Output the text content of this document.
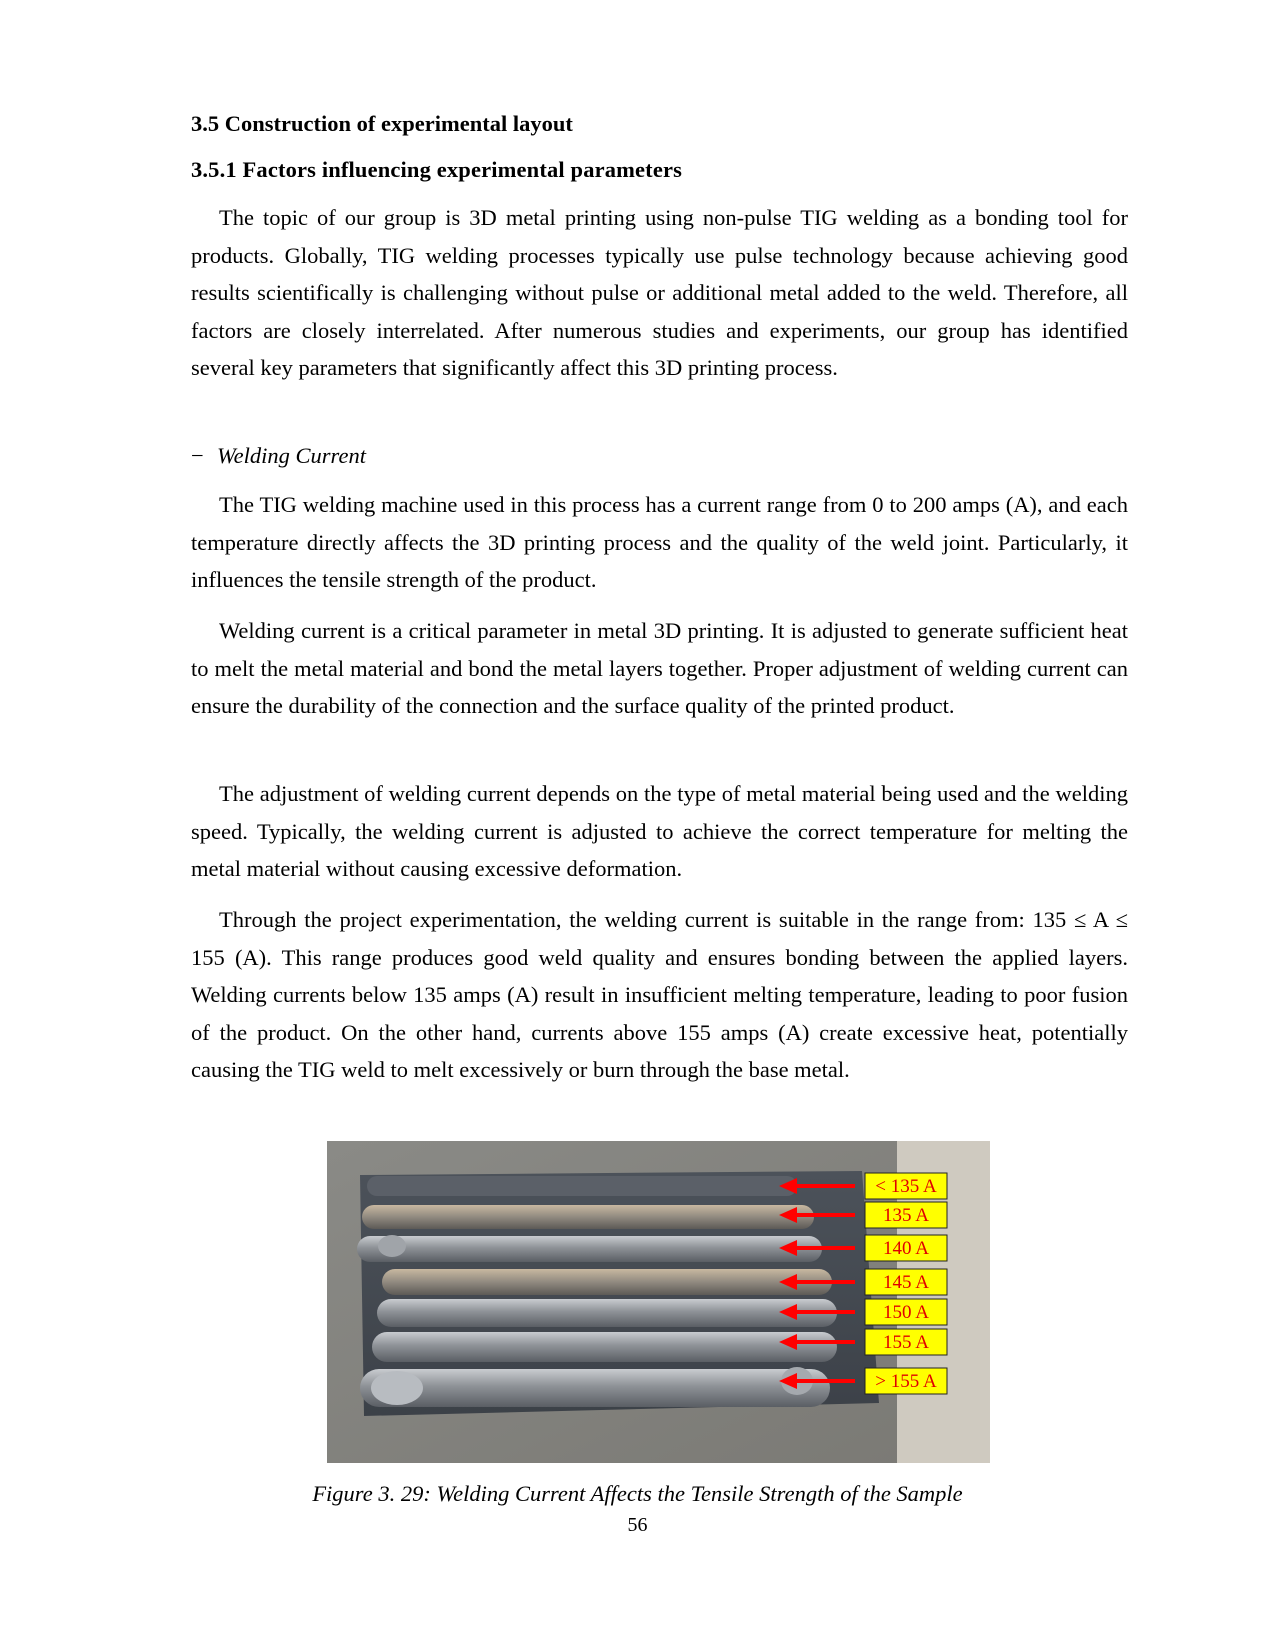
3.5 Construction of experimental layout
3.5.1 Factors influencing experimental parameters

The topic of our group is 3D metal printing using non-pulse TIG welding as a bonding tool for products. Globally, TIG welding processes typically use pulse technology because achieving good results scientifically is challenging without pulse or additional metal added to the weld. Therefore, all factors are closely interrelated. After numerous studies and experiments, our group has identified several key parameters that significantly affect this 3D printing process.

− Welding Current

The TIG welding machine used in this process has a current range from 0 to 200 amps (A), and each temperature directly affects the 3D printing process and the quality of the weld joint. Particularly, it influences the tensile strength of the product.

Welding current is a critical parameter in metal 3D printing. It is adjusted to generate sufficient heat to melt the metal material and bond the metal layers together. Proper adjustment of welding current can ensure the durability of the connection and the surface quality of the printed product.

The adjustment of welding current depends on the type of metal material being used and the welding speed. Typically, the welding current is adjusted to achieve the correct temperature for melting the metal material without causing excessive deformation.

Through the project experimentation, the welding current is suitable in the range from: 135 ≤ A ≤ 155 (A). This range produces good weld quality and ensures bonding between the applied layers. Welding currents below 135 amps (A) result in insufficient melting temperature, leading to poor fusion of the product. On the other hand, currents above 155 amps (A) create excessive heat, potentially causing the TIG weld to melt excessively or burn through the base metal.

< 135 A
135 A
140 A
145 A
150 A
155 A
> 155 A

Figure 3. 29: Welding Current Affects the Tensile Strength of the Sample

56
